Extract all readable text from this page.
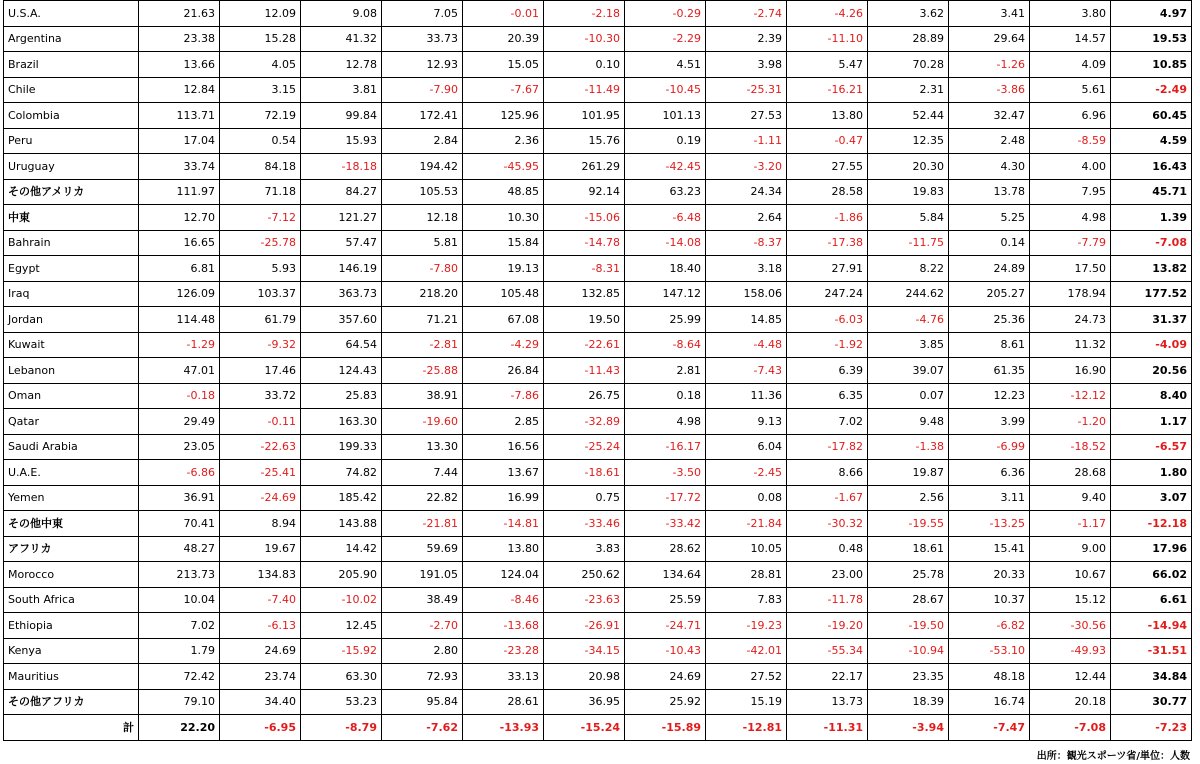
U.S.A.	21.63	12.09	9.08	7.05	-0.01	-2.18	-0.29	-2.74	-4.26	3.62	3.41	3.80	4.97
Argentina	23.38	15.28	41.32	33.73	20.39	-10.30	-2.29	2.39	-11.10	28.89	29.64	14.57	19.53
Brazil	13.66	4.05	12.78	12.93	15.05	0.10	4.51	3.98	5.47	70.28	-1.26	4.09	10.85
Chile	12.84	3.15	3.81	-7.90	-7.67	-11.49	-10.45	-25.31	-16.21	2.31	-3.86	5.61	-2.49
Colombia	113.71	72.19	99.84	172.41	125.96	101.95	101.13	27.53	13.80	52.44	32.47	6.96	60.45
Peru	17.04	0.54	15.93	2.84	2.36	15.76	0.19	-1.11	-0.47	12.35	2.48	-8.59	4.59
Uruguay	33.74	84.18	-18.18	194.42	-45.95	261.29	-42.45	-3.20	27.55	20.30	4.30	4.00	16.43
その他アメリカ	111.97	71.18	84.27	105.53	48.85	92.14	63.23	24.34	28.58	19.83	13.78	7.95	45.71
中東	12.70	-7.12	121.27	12.18	10.30	-15.06	-6.48	2.64	-1.86	5.84	5.25	4.98	1.39
Bahrain	16.65	-25.78	57.47	5.81	15.84	-14.78	-14.08	-8.37	-17.38	-11.75	0.14	-7.79	-7.08
Egypt	6.81	5.93	146.19	-7.80	19.13	-8.31	18.40	3.18	27.91	8.22	24.89	17.50	13.82
Iraq	126.09	103.37	363.73	218.20	105.48	132.85	147.12	158.06	247.24	244.62	205.27	178.94	177.52
Jordan	114.48	61.79	357.60	71.21	67.08	19.50	25.99	14.85	-6.03	-4.76	25.36	24.73	31.37
Kuwait	-1.29	-9.32	64.54	-2.81	-4.29	-22.61	-8.64	-4.48	-1.92	3.85	8.61	11.32	-4.09
Lebanon	47.01	17.46	124.43	-25.88	26.84	-11.43	2.81	-7.43	6.39	39.07	61.35	16.90	20.56
Oman	-0.18	33.72	25.83	38.91	-7.86	26.75	0.18	11.36	6.35	0.07	12.23	-12.12	8.40
Qatar	29.49	-0.11	163.30	-19.60	2.85	-32.89	4.98	9.13	7.02	9.48	3.99	-1.20	1.17
Saudi Arabia	23.05	-22.63	199.33	13.30	16.56	-25.24	-16.17	6.04	-17.82	-1.38	-6.99	-18.52	-6.57
U.A.E.	-6.86	-25.41	74.82	7.44	13.67	-18.61	-3.50	-2.45	8.66	19.87	6.36	28.68	1.80
Yemen	36.91	-24.69	185.42	22.82	16.99	0.75	-17.72	0.08	-1.67	2.56	3.11	9.40	3.07
その他中東	70.41	8.94	143.88	-21.81	-14.81	-33.46	-33.42	-21.84	-30.32	-19.55	-13.25	-1.17	-12.18
アフリカ	48.27	19.67	14.42	59.69	13.80	3.83	28.62	10.05	0.48	18.61	15.41	9.00	17.96
Morocco	213.73	134.83	205.90	191.05	124.04	250.62	134.64	28.81	23.00	25.78	20.33	10.67	66.02
South Africa	10.04	-7.40	-10.02	38.49	-8.46	-23.63	25.59	7.83	-11.78	28.67	10.37	15.12	6.61
Ethiopia	7.02	-6.13	12.45	-2.70	-13.68	-26.91	-24.71	-19.23	-19.20	-19.50	-6.82	-30.56	-14.94
Kenya	1.79	24.69	-15.92	2.80	-23.28	-34.15	-10.43	-42.01	-55.34	-10.94	-53.10	-49.93	-31.51
Mauritius	72.42	23.74	63.30	72.93	33.13	20.98	24.69	27.52	22.17	23.35	48.18	12.44	34.84
その他アフリカ	79.10	34.40	53.23	95.84	28.61	36.95	25.92	15.19	13.73	18.39	16.74	20.18	30.77
計	22.20	-6.95	-8.79	-7.62	-13.93	-15.24	-15.89	-12.81	-11.31	-3.94	-7.47	-7.08	-7.23
出所：観光スポーツ省/単位：人数
